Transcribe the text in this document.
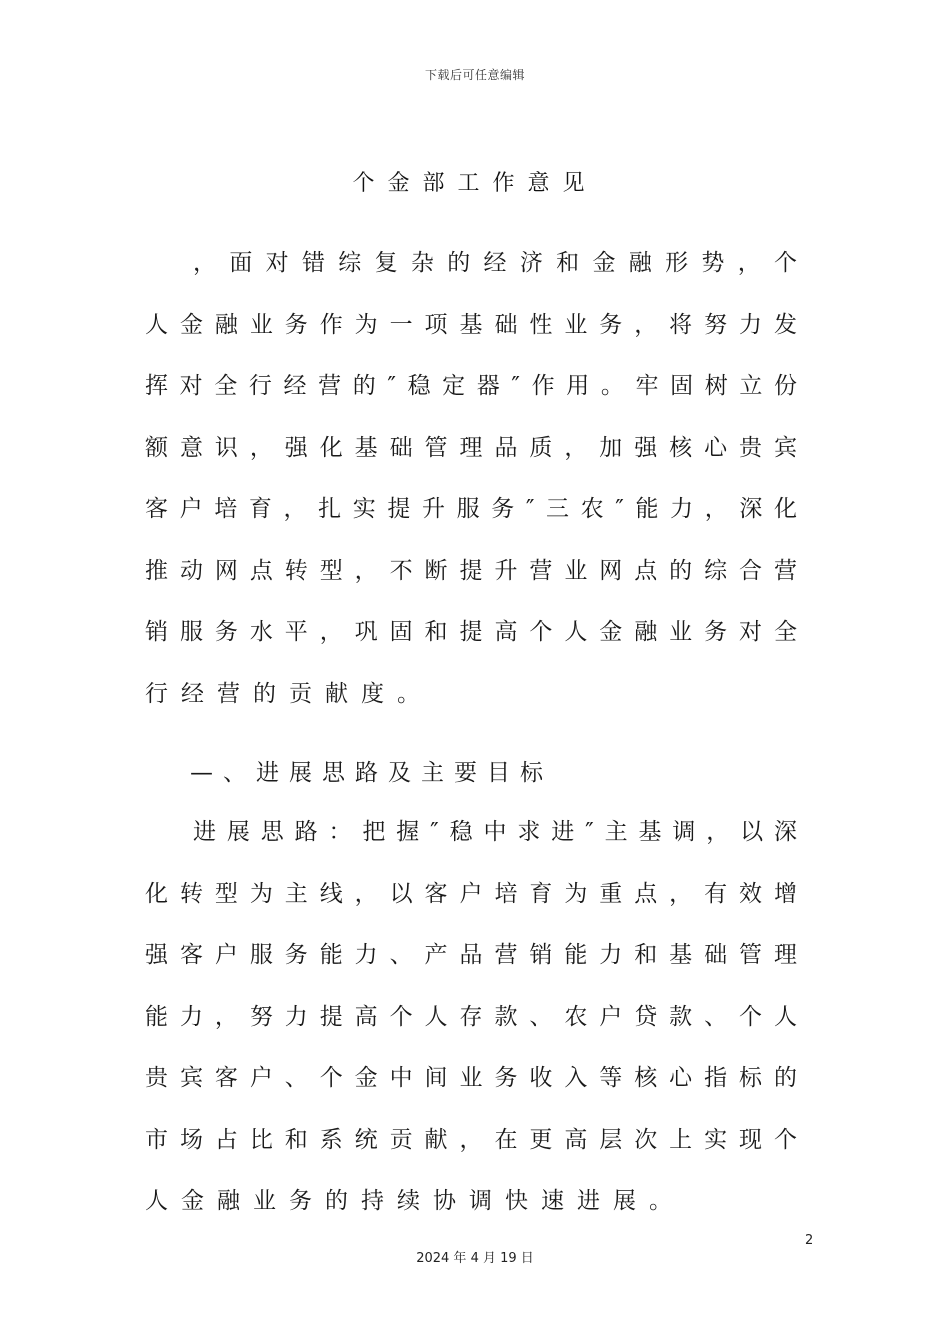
下载后可任意编辑
个金部工作意见
，面对错综复杂的经济和金融形势，个
人金融业务作为一项基础性业务，将努力发
挥对全行经营的″稳定器″作用。牢固树立份
额意识，强化基础管理品质，加强核心贵宾
客户培育，扎实提升服务″三农″能力，深化
推动网点转型，不断提升营业网点的综合营
销服务水平，巩固和提高个人金融业务对全
行经营的贡献度。
—、进展思路及主要目标
进展思路：把握″稳中求进″主基调，以深
化转型为主线，以客户培育为重点，有效增
强客户服务能力、产品营销能力和基础管理
能力，努力提高个人存款、农户贷款、个人
贵宾客户、个金中间业务收入等核心指标的
市场占比和系统贡献，在更高层次上实现个
人金融业务的持续协调快速进展。
2
2024 年 4 月 19 日
